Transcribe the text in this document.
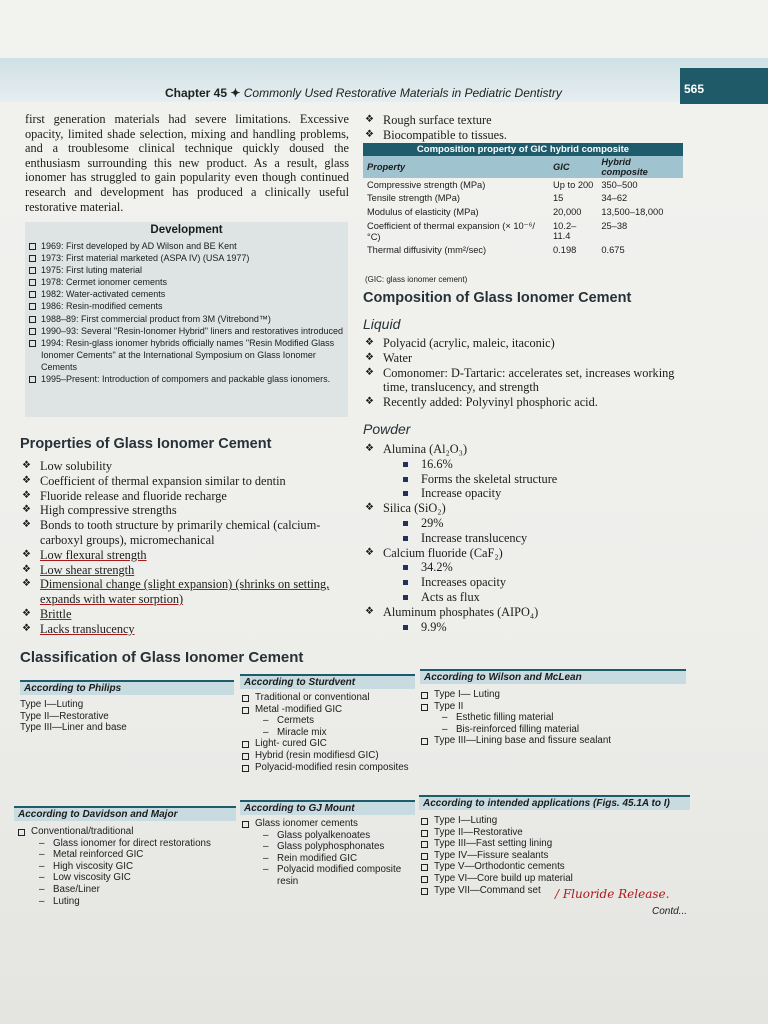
Chapter 45 ✦ Commonly Used Restorative Materials in Pediatric Dentistry	565

first generation materials had severe limitations. Excessive opacity, limited shade selection, mixing and handling problems, and a troublesome clinical technique quickly doused the enthusiasm surrounding this new product. As a result, glass ionomer has struggled to gain popularity even though continued research and development has produced a clinically useful restorative material.

Development
1969: First developed by AD Wilson and BE Kent
1973: First material marketed (ASPA IV) (USA 1977)
1975: First luting material
1978: Cermet ionomer cements
1982: Water-activated cements
1986: Resin-modified cements
1988–89: First commercial product from 3M (Vitrebond™)
1990–93: Several "Resin-Ionomer Hybrid" liners and restoratives introduced
1994: Resin-glass ionomer hybrids officially names "Resin Modified Glass Ionomer Cements" at the International Symposium on Glass Ionomer Cements
1995–Present: Introduction of compomers and packable glass ionomers.
Properties of Glass Ionomer Cement
❖ Low solubility
❖ Coefficient of thermal expansion similar to dentin
❖ Fluoride release and fluoride recharge
❖ High compressive strengths
❖ Bonds to tooth structure by primarily chemical (calcium-carboxyl groups), micromechanical
❖ Low flexural strength
❖ Low shear strength
❖ Dimensional change (slight expansion) (shrinks on setting, expands with water sorption)
❖ Brittle
❖ Lacks translucency
❖ Rough surface texture
❖ Biocompatible to tissues.
Composition property of GIC hybrid composite
Property	GIC	Hybrid composite
Compressive strength (MPa)	Up to 200	350–500
Tensile strength (MPa)	15	34–62
Modulus of elasticity (MPa)	20,000	13,500–18,000
Coefficient of thermal expansion (× 10⁻⁶/°C)	10.2–11.4	25–38
Thermal diffusivity (mm²/sec)	0.198	0.675
(GIC: glass ionomer cement)
Composition of Glass Ionomer Cement
Liquid
❖ Polyacid (acrylic, maleic, itaconic)
❖ Water
❖ Comonomer: D-Tartaric: accelerates set, increases working time, translucency, and strength
❖ Recently added: Polyvinyl phosphoric acid.
Powder
❖ Alumina (Al₂O₃)
16.6%
Forms the skeletal structure
Increase opacity
❖ Silica (SiO₂)
29%
Increase translucency
❖ Calcium fluoride (CaF₂)
34.2%
Increases opacity
Acts as flux
❖ Aluminum phosphates (AIPO₄)
9.9%
Classification of Glass Ionomer Cement
According to Philips
According to Sturdvent	According to Wilson and McLean
Type I—Luting
Type II—Restorative
Type III—Liner and base
Traditional or conventional
Metal -modified GIC
– Cermets
– Miracle mix
Light- cured GIC
Hybrid (resin modifiesd GIC)
Polyacid-modified resin composites
Type I— Luting
Type II
– Esthetic filling material
– Bis-reinforced filling material
Type III—Lining base and fissure sealant
According to Davidson and Major
According to GJ Mount	According to intended applications (Figs. 45.1A to I)
Conventional/traditional
– Glass ionomer for direct restorations
– Metal reinforced GIC
– High viscosity GIC
– Low viscosity GIC
– Base/Liner
– Luting
Glass ionomer cements
– Glass polyalkenoates
– Glass polyphosphonates
– Rein modified GIC
– Polyacid modified composite resin
Type I—Luting
Type II—Restorative
Type III—Fast setting lining
Type IV—Fissure sealants
Type V—Orthodontic cements
Type VI—Core build up material
Type VII—Command set	/ Fluoride Release.
Contd...
